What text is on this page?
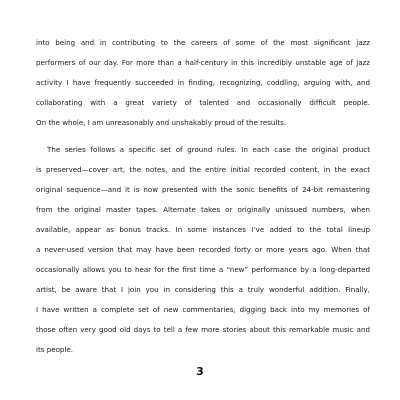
into being and in contributing to the careers of some of the most significant jazz
performers of our day. For more than a half-century in this incredibly unstable age of jazz
activity I have frequently succeeded in finding, recognizing, coddling, arguing with, and
collaborating with a great variety of talented and occasionally difficult people.
On the whole, I am unreasonably and unshakably proud of the results.
The series follows a specific set of ground rules. In each case the original product
is preserved—cover art, the notes, and the entire initial recorded content, in the exact
original sequence—and it is now presented with the sonic benefits of 24-bit remastering
from the original master tapes. Alternate takes or originally unissued numbers, when
available, appear as bonus tracks. In some instances I’ve added to the total lineup
a never-used version that may have been recorded forty or more years ago. When that
occasionally allows you to hear for the first time a “new” performance by a long-departed
artist, be aware that I join you in considering this a truly wonderful addition. Finally,
I have written a complete set of new commentaries, digging back into my memories of
those often very good old days to tell a few more stories about this remarkable music and
its people.
3
